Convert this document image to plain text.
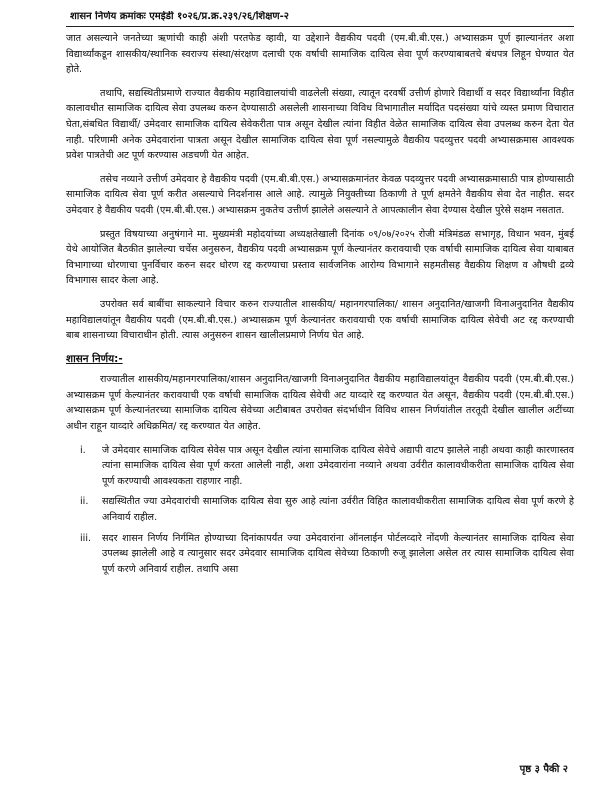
शासन निर्णय क्रमांकः एमईडी १०२६/प्र.क्र.२३९/२६/शिक्षण-२

जात असल्याने जनतेच्या ऋणांची काही अंशी परतफेड व्हावी, या उद्देशाने वैद्यकीय पदवी (एम.बी.बी.एस.) अभ्यासक्रम पूर्ण झाल्यानंतर अशा विद्यार्थ्यांकडून शासकीय/स्थानिक स्वराज्य संस्था/संरक्षण दलाची एक वर्षाची सामाजिक दायित्व सेवा पूर्ण करण्याबाबतचे बंधपत्र लिहून घेण्यात येत होते.

तथापि, सद्यस्थितीप्रमाणे राज्यात वैद्यकीय महाविद्यालयांची वाढलेली संख्या, त्यातून दरवर्षी उत्तीर्ण होणारे विद्यार्थी व सदर विद्यार्थ्यांना विहीत कालावधीत सामाजिक दायित्व सेवा उपलब्ध करुन देण्यासाठी असलेली शासनाच्या विविध विभागातील मर्यादित पदसंख्या यांचे व्यस्त प्रमाण विचारात घेता,संबधित विद्यार्थी/ उमेदवार सामाजिक दायित्व सेवेकरीता पात्र असून देखील त्यांना विहीत वेळेत सामाजिक दायित्व सेवा उपलब्ध करुन देता येत नाही. परिणामी अनेक उमेदवारांना पात्रता असून देखील सामाजिक दायित्व सेवा पूर्ण नसल्यामुळे वैद्यकीय पदव्युत्तर पदवी अभ्यासक्रमास आवश्यक प्रवेश पात्रतेची अट पूर्ण करण्यास अडचणी येत आहेत.

तसेच नव्याने उत्तीर्ण उमेदवार हे वैद्यकीय पदवी (एम.बी.बी.एस.) अभ्यासक्रमानंतर केवळ पदव्युत्तर पदवी अभ्यासक्रमासाठी पात्र होण्यासाठी सामाजिक दायित्व सेवा पूर्ण करीत असल्याचे निदर्शनास आले आहे. त्यामुळे नियुक्तीच्या ठिकाणी ते पूर्ण क्षमतेने वैद्यकीय सेवा देत नाहीत. सदर उमेदवार हे वैद्यकीय पदवी (एम.बी.बी.एस.) अभ्यासक्रम नुकतेच उत्तीर्ण झालेले असल्याने ते आपत्कालीन सेवा देण्यास देखील पुरेसे सक्षम नसतात.

प्रस्तुत विषयाच्या अनुषंगाने मा. मुख्यमंत्री महोदयांच्या अध्यक्षतेखाली दिनांक ०९/०७/२०२५ रोजी मंत्रिमंडळ सभागृह, विधान भवन, मुंबई येथे आयोजित बैठकीत झालेल्या चर्चेस अनुसरुन, वैद्यकीय पदवी अभ्यासक्रम पूर्ण केल्यानंतर करावयाची एक वर्षाची सामाजिक दायित्व सेवा याबाबत विभागाच्या धोरणाचा पुनर्विचार करुन सदर धोरण रद्द करण्याचा प्रस्ताव सार्वजनिक आरोग्य विभागाने सहमतीसह वैद्यकीय शिक्षण व औषधी द्रव्ये विभागास सादर केला आहे.

उपरोक्त सर्व बाबींचा साकल्याने विचार करुन राज्यातील शासकीय/ महानगरपालिका/ शासन अनुदानित/खाजगी विनाअनुदानित वैद्यकीय महाविद्यालयांतून वैद्यकीय पदवी (एम.बी.बी.एस.) अभ्यासक्रम पूर्ण केल्यानंतर करावयाची एक वर्षाची सामाजिक दायित्व सेवेची अट रद्द करण्याची बाब शासनाच्या विचाराधीन होती. त्यास अनुसरुन शासन खालीलप्रमाणे निर्णय घेत आहे.

शासन निर्णय:-

राज्यातील शासकीय/महानगरपालिका/शासन अनुदानित/खाजगी विनाअनुदानित वैद्यकीय महाविद्यालयांतून वैद्यकीय पदवी (एम.बी.बी.एस.) अभ्यासक्रम पूर्ण केल्यानंतर करावयाची एक वर्षाची सामाजिक दायित्व सेवेची अट याव्दारे रद्द करण्यात येत असून, वैद्यकीय पदवी (एम.बी.बी.एस.) अभ्यासक्रम पूर्ण केल्यानंतरच्या सामाजिक दायित्व सेवेच्या अटीबाबत उपरोक्त संदर्भाधीन विविध शासन निर्णयांतील तरतूदी देखील खालील अटींच्या अधीन राहून याव्दारे अधिक्रमित/ रद्द करण्यात येत आहेत.

i.	जे उमेदवार सामाजिक दायित्व सेवेस पात्र असून देखील त्यांना सामाजिक दायित्व सेवेचे अद्यापी वाटप झालेले नाही अथवा काही कारणास्तव त्यांना सामाजिक दायित्व सेवा पूर्ण करता आलेली नाही, अशा उमेदवारांना नव्याने अथवा उर्वरीत कालावधीकरीता सामाजिक दायित्व सेवा पूर्ण करण्याची आवश्यकता राहणार नाही.
ii.	सद्यस्थितीत ज्या उमेदवारांची सामाजिक दायित्व सेवा सुरु आहे त्यांना उर्वरीत विहित कालावधीकरीता सामाजिक दायित्व सेवा पूर्ण करणे हे अनिवार्य राहील.
iii.	सदर शासन निर्णय निर्गमित होण्याच्या दिनांकापर्यंत ज्या उमेदवारांना ऑनलाईन पोर्टलव्दारे नोंदणी केल्यानंतर सामाजिक दायित्व सेवा उपलब्ध झालेली आहे व त्यानुसार सदर उमेदवार सामाजिक दायित्व सेवेच्या ठिकाणी रुजू झालेला असेल तर त्यास सामाजिक दायित्व सेवा पूर्ण करणे अनिवार्य राहील. तथापि असा
पृष्ठ ३ पैकी २
